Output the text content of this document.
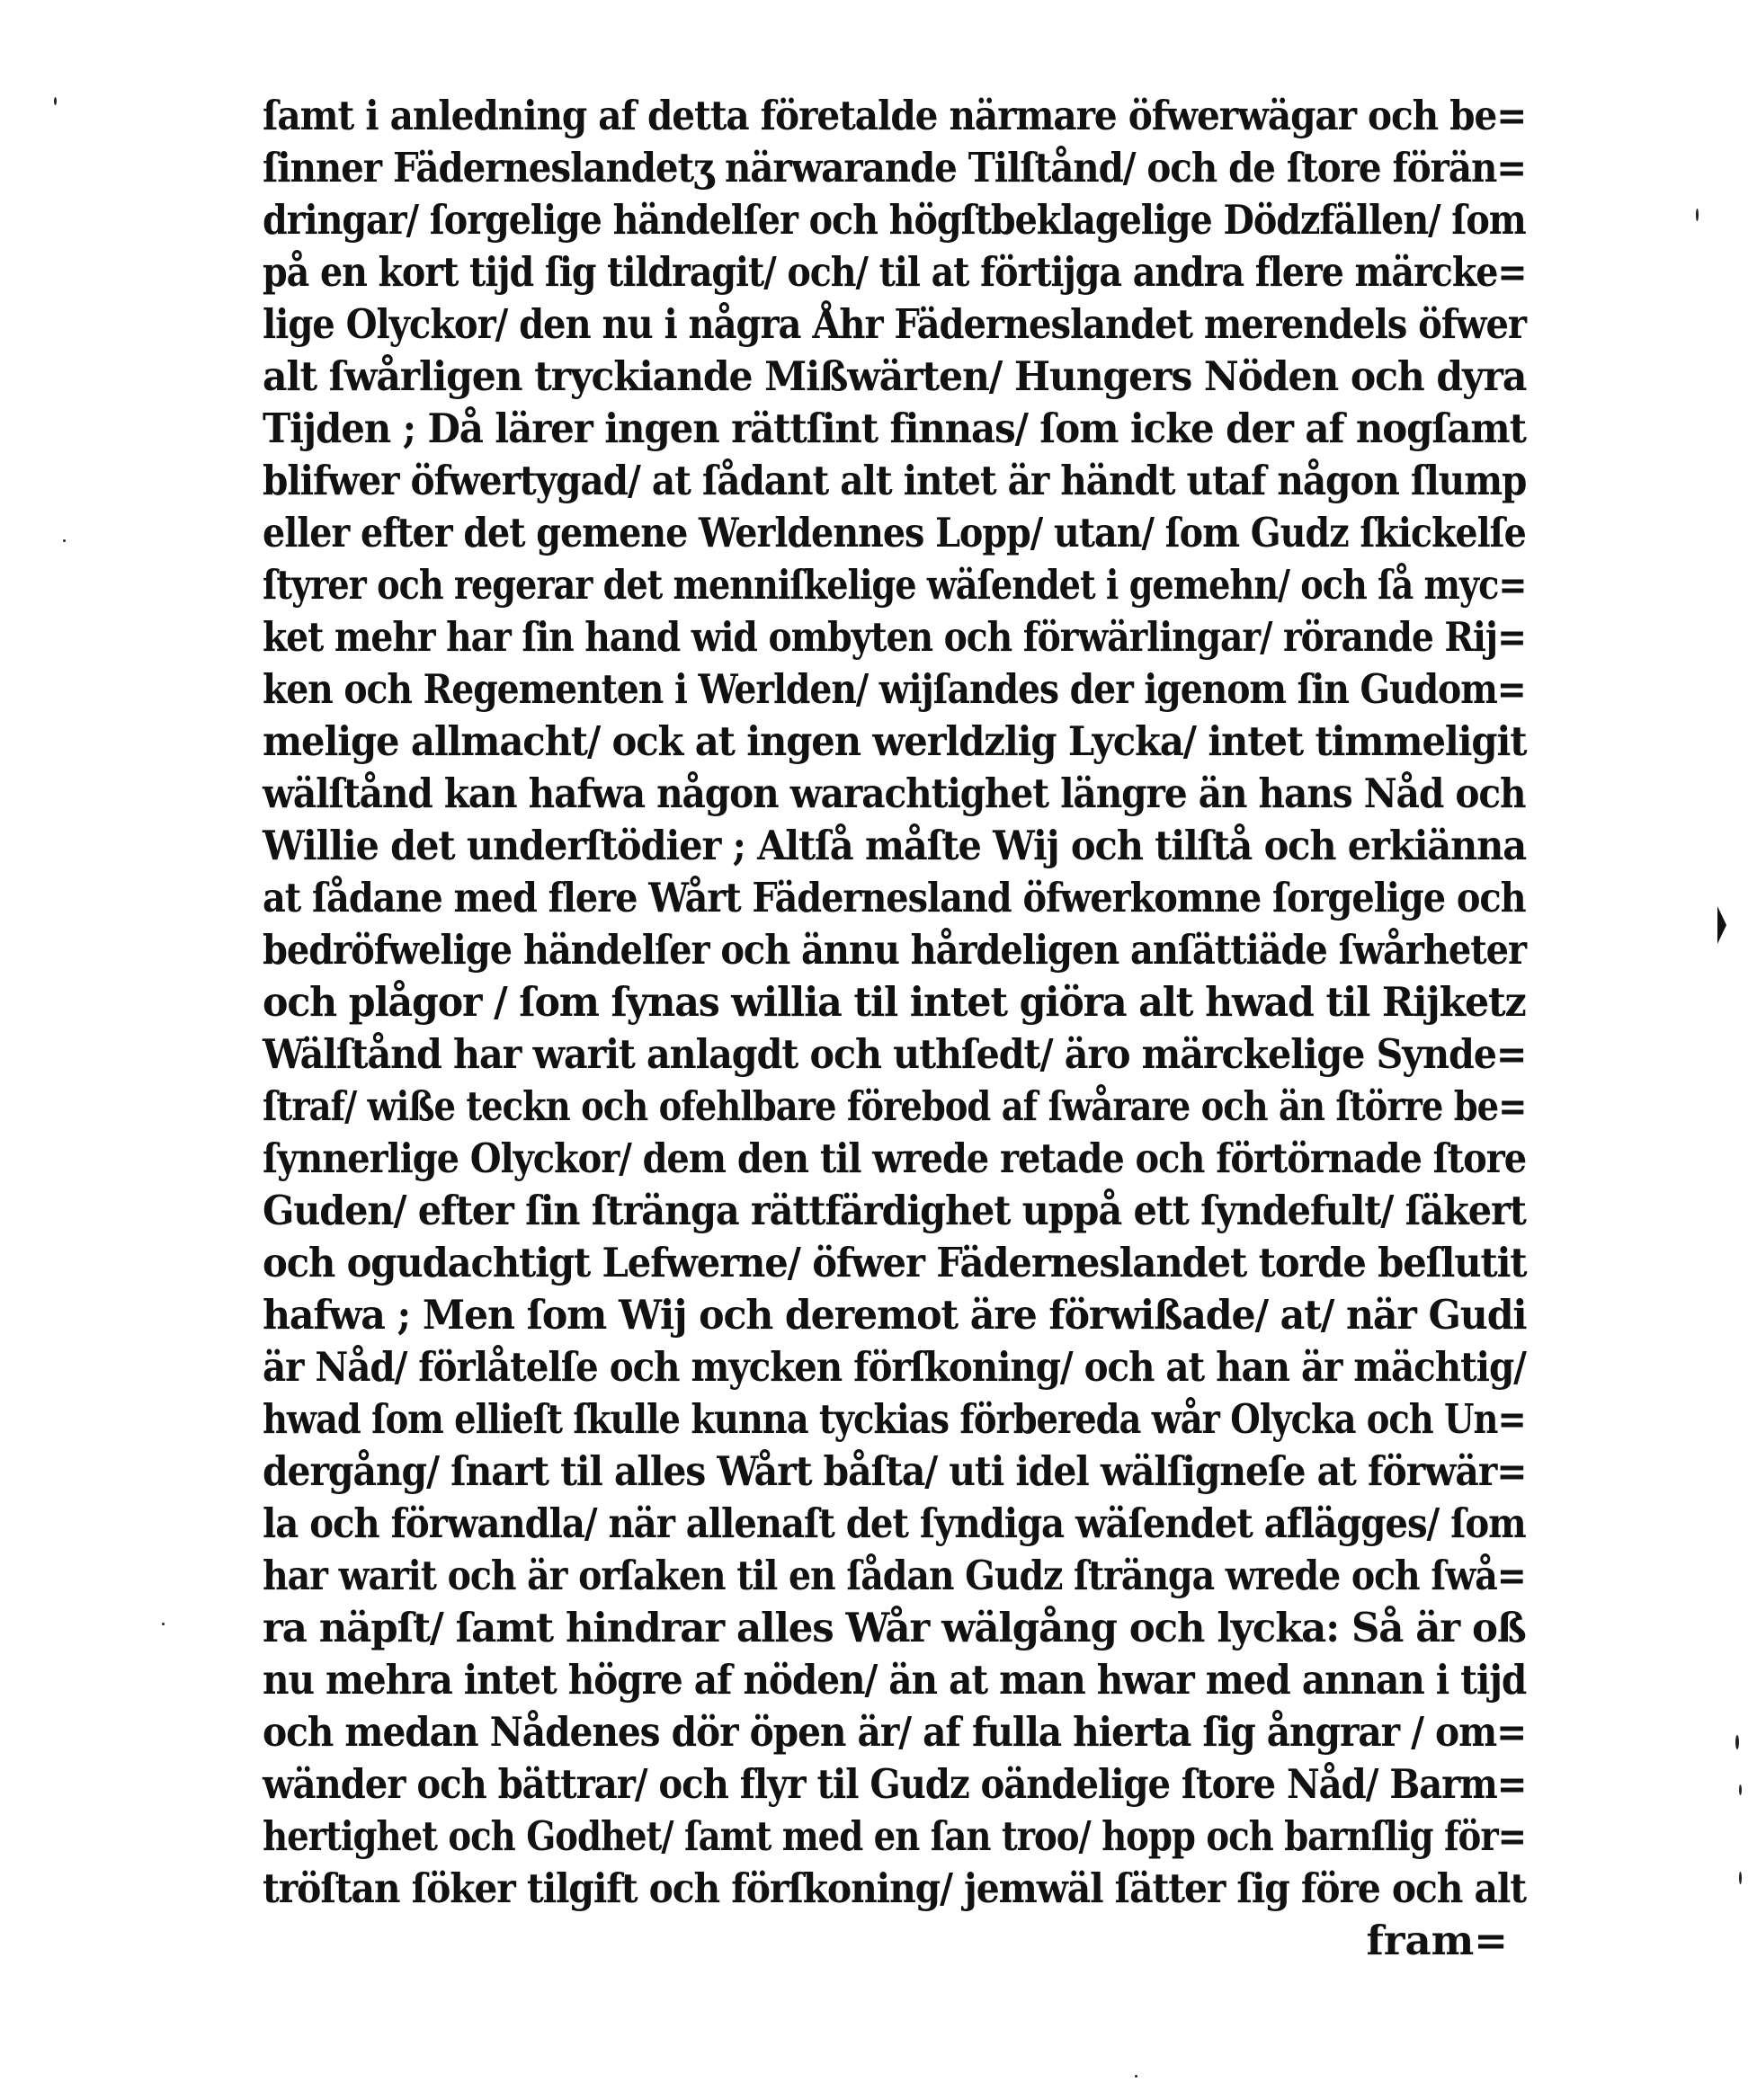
ſamt i anledning af detta företalde närmare öfwerwägar och be=
ſinner Fäderneslandetʒ närwarande Tilſtånd/ och de ſtore förän=
dringar/ ſorgelige händelſer och högſtbeklagelige Dödzfällen/ ſom
på en kort tijd ſig tildragit/ och/ til at förtijga andra flere märcke=
lige Olyckor/ den nu i några Åhr Fäderneslandet merendels öfwer
alt ſwårligen tryckiande Mißwärten/ Hungers Nöden och dyra
Tijden ; Då lärer ingen rättſint finnas/ ſom icke der af nogſamt
blifwer öfwertygad/ at ſådant alt intet är händt utaf någon ſlump
eller efter det gemene Werldennes Lopp/ utan/ ſom Gudz ſkickelſe
ſtyrer och regerar det menniſkelige wäſendet i gemehn/ och ſå myc=
ket mehr har ſin hand wid ombyten och förwärlingar/ rörande Rij=
ken och Regementen i Werlden/ wijſandes der igenom ſin Gudom=
melige allmacht/ ock at ingen werldzlig Lycka/ intet timmeligit
wälſtånd kan hafwa någon warachtighet längre än hans Nåd och
Willie det underſtödier ; Altſå måſte Wij och tilſtå och erkiänna
at ſådane med flere Wårt Fädernesland öfwerkomne ſorgelige och
bedröfwelige händelſer och ännu hårdeligen anſättiäde ſwårheter
och plågor / ſom ſynas willia til intet giöra alt hwad til Rijketz
Wälſtånd har warit anlagdt och uthſedt/ äro märckelige Synde=
ſtraf/ wiße teckn och ofehlbare förebod af ſwårare och än ſtörre be=
ſynnerlige Olyckor/ dem den til wrede retade och förtörnade ſtore
Guden/ efter ſin ſtränga rättfärdighet uppå ett ſyndefult/ ſäkert
och ogudachtigt Lefwerne/ öfwer Fäderneslandet torde beſlutit
hafwa ; Men ſom Wij och deremot äre förwißade/ at/ när Gudi
är Nåd/ förlåtelſe och mycken förſkoning/ och at han är mächtig/
hwad ſom ellieſt ſkulle kunna tyckias förbereda wår Olycka och Un=
dergång/ ſnart til alles Wårt båſta/ uti idel wälſigneſe at förwär=
la och förwandla/ när allenaſt det ſyndiga wäſendet aflägges/ ſom
har warit och är orſaken til en ſådan Gudz ſtränga wrede och ſwå=
ra näpſt/ ſamt hindrar alles Wår wälgång och lycka: Så är oß
nu mehra intet högre af nöden/ än at man hwar med annan i tijd
och medan Nådenes dör öpen är/ af fulla hierta ſig ångrar / om=
wänder och bättrar/ och flyr til Gudz oändelige ſtore Nåd/ Barm=
hertighet och Godhet/ ſamt med en ſan troo/ hopp och barnſlig för=
tröſtan ſöker tilgift och förſkoning/ jemwäl ſätter ſig före och alt
fram=
